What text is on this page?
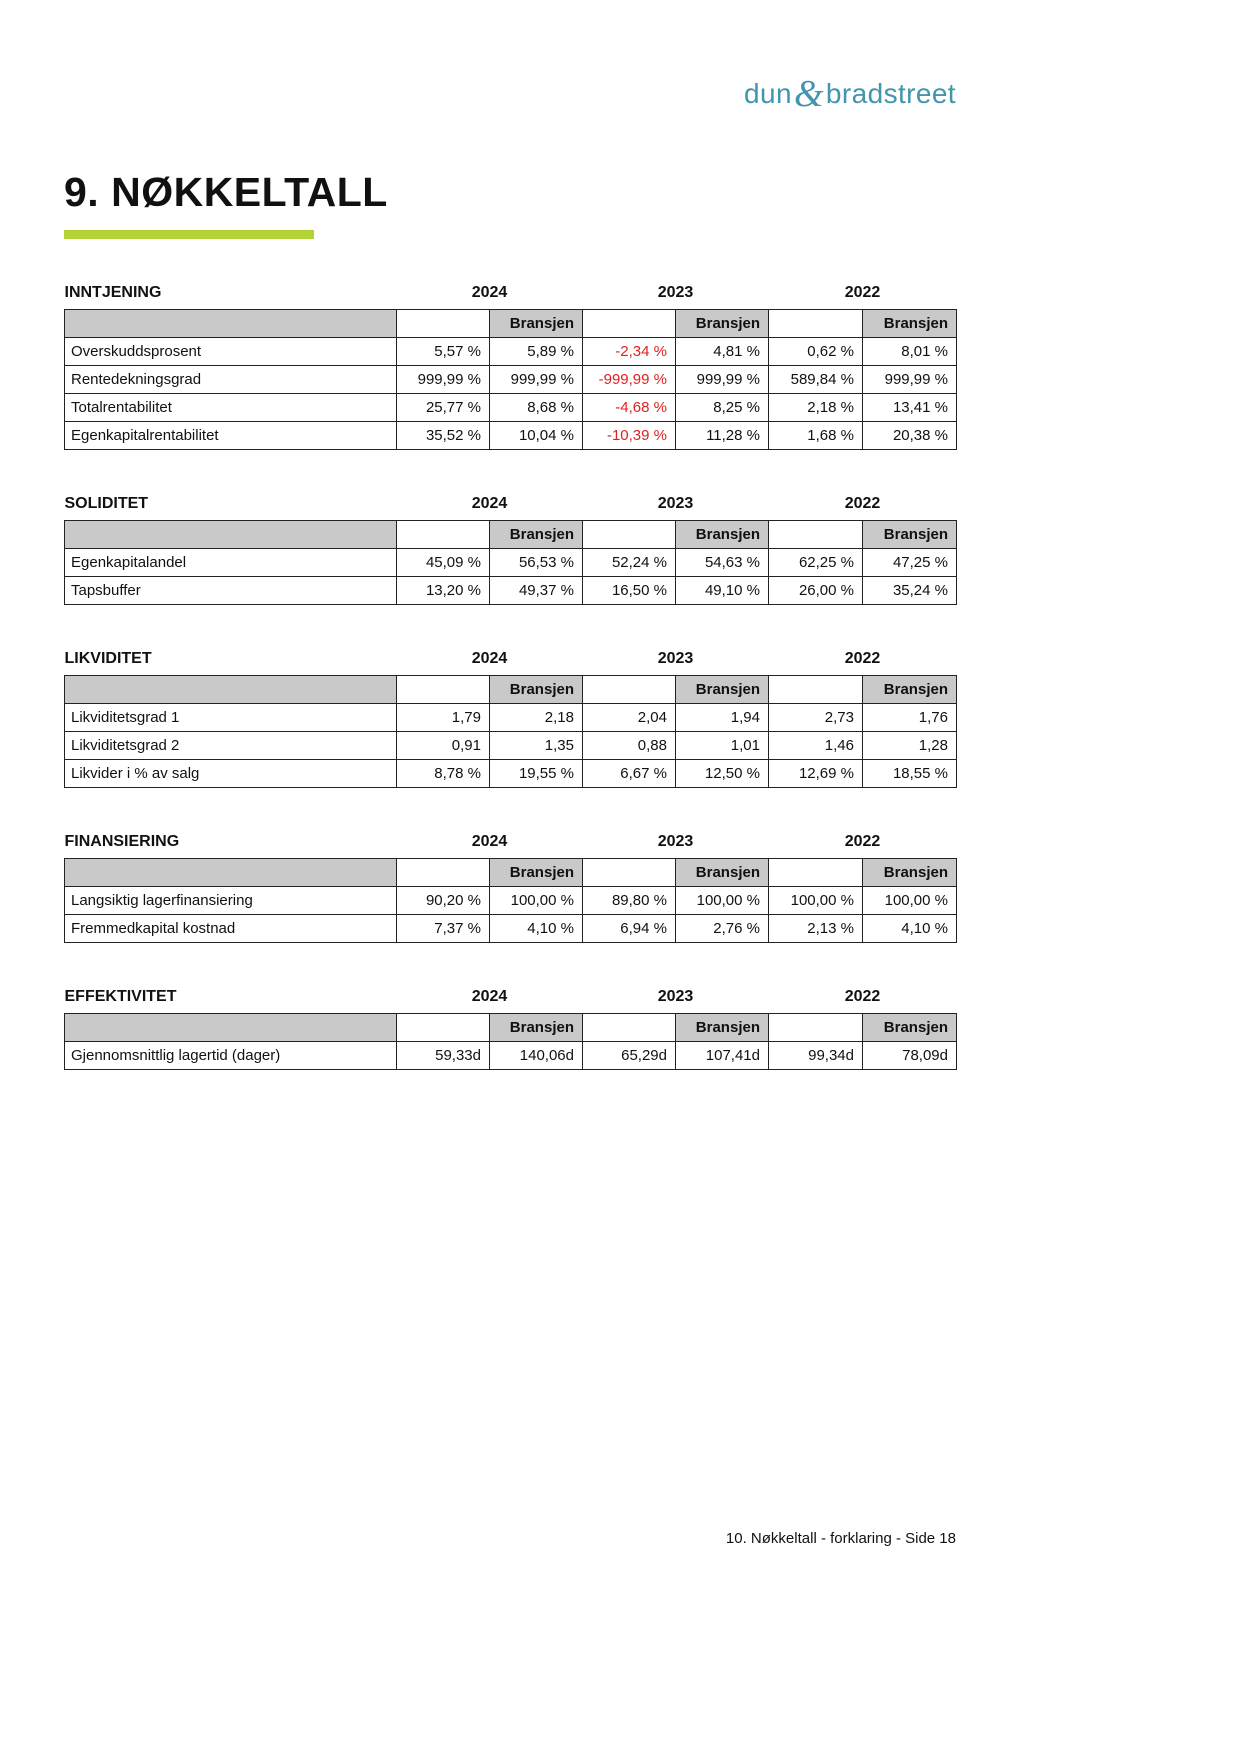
dun&bradstreet
9. NØKKELTALL
INNTJENING	2024		2023		2022	
		Bransjen		Bransjen		Bransjen
Overskuddsprosent	5,57 %	5,89 %	-2,34 %	4,81 %	0,62 %	8,01 %
Rentedekningsgrad	999,99 %	999,99 %	-999,99 %	999,99 %	589,84 %	999,99 %
Totalrentabilitet	25,77 %	8,68 %	-4,68 %	8,25 %	2,18 %	13,41 %
Egenkapitalrentabilitet	35,52 %	10,04 %	-10,39 %	11,28 %	1,68 %	20,38 %
SOLIDITET	2024		2023		2022	
		Bransjen		Bransjen		Bransjen
Egenkapitalandel	45,09 %	56,53 %	52,24 %	54,63 %	62,25 %	47,25 %
Tapsbuffer	13,20 %	49,37 %	16,50 %	49,10 %	26,00 %	35,24 %
LIKVIDITET	2024		2023		2022	
		Bransjen		Bransjen		Bransjen
Likviditetsgrad 1	1,79	2,18	2,04	1,94	2,73	1,76
Likviditetsgrad 2	0,91	1,35	0,88	1,01	1,46	1,28
Likvider i % av salg	8,78 %	19,55 %	6,67 %	12,50 %	12,69 %	18,55 %
FINANSIERING	2024		2023		2022	
		Bransjen		Bransjen		Bransjen
Langsiktig lagerfinansiering	90,20 %	100,00 %	89,80 %	100,00 %	100,00 %	100,00 %
Fremmedkapital kostnad	7,37 %	4,10 %	6,94 %	2,76 %	2,13 %	4,10 %
EFFEKTIVITET	2024		2023		2022	
		Bransjen		Bransjen		Bransjen
Gjennomsnittlig lagertid (dager)	59,33d	140,06d	65,29d	107,41d	99,34d	78,09d
10. Nøkkeltall - forklaring - Side 18
